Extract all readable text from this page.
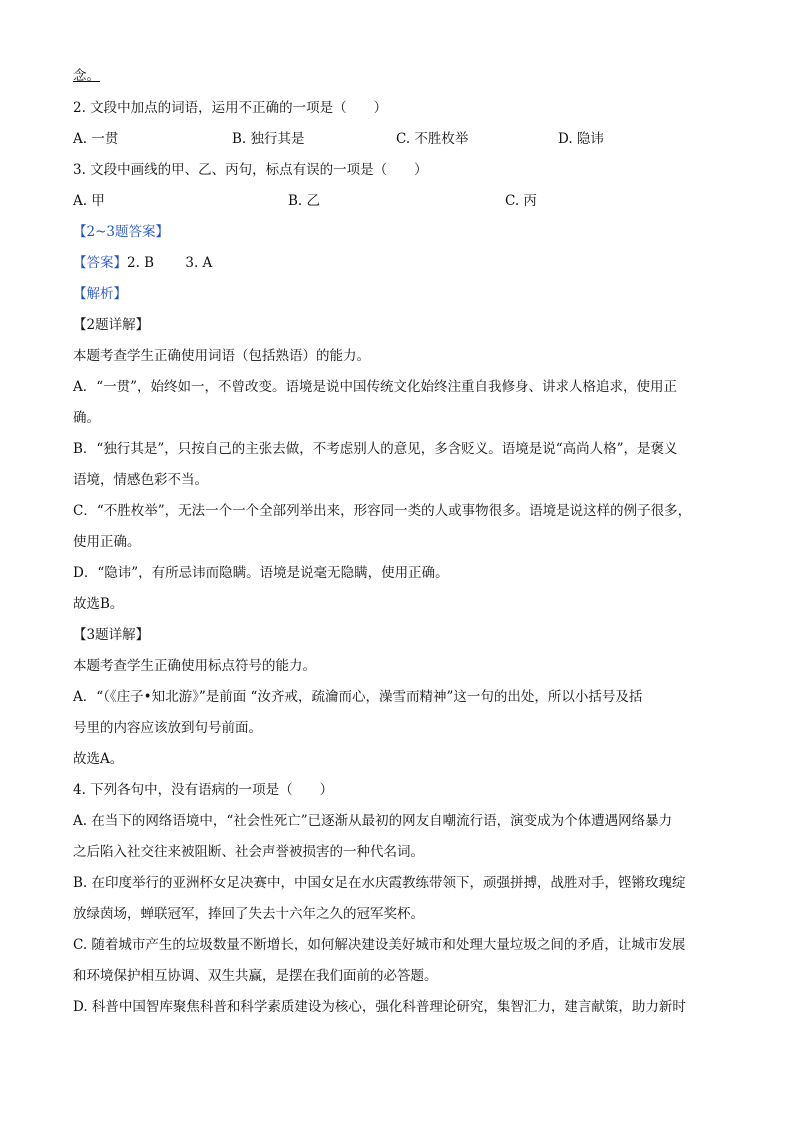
念。
2. 文段中加点的词语，运用不正确的一项是（　　）
A. 一贯	B. 独行其是	C. 不胜枚举	D. 隐讳
3. 文段中画线的甲、乙、丙句，标点有误的一项是（　　）
A. 甲	B. 乙	C. 丙
【2~3题答案】
【答案】2. B　　 3. A
【解析】
【2题详解】
本题考查学生正确使用词语（包括熟语）的能力。
A．“一贯”，始终如一，不曾改变。语境是说中国传统文化始终注重自我修身、讲求人格追求，使用正
确。
B．“独行其是”，只按自己的主张去做，不考虑别人的意见，多含贬义。语境是说“高尚人格”，是褒义
语境，情感色彩不当。
C．“不胜枚举”，无法一个一个全部列举出来，形容同一类的人或事物很多。语境是说这样的例子很多，
使用正确。
D．“隐讳”，有所忌讳而隐瞒。语境是说毫无隐瞒，使用正确。
故选B。
【3题详解】
本题考查学生正确使用标点符号的能力。
A．“（《庄子•知北游》”是前面 “汝齐戒，疏瀹而心，澡雪而精神”这一句的出处，所以小括号及括
号里的内容应该放到句号前面。
故选A。
4. 下列各句中，没有语病的一项是（　　）
A. 在当下的网络语境中，“社会性死亡”已逐渐从最初的网友自嘲流行语，演变成为个体遭遇网络暴力
之后陷入社交往来被阻断、社会声誉被损害的一种代名词。
B. 在印度举行的亚洲杯女足决赛中，中国女足在水庆霞教练带领下，顽强拼搏，战胜对手，铿锵玫瑰绽
放绿茵场，蝉联冠军，捧回了失去十六年之久的冠军奖杯。
C. 随着城市产生的垃圾数量不断增长，如何解决建设美好城市和处理大量垃圾之间的矛盾，让城市发展
和环境保护相互协调、双生共赢，是摆在我们面前的必答题。
D. 科普中国智库聚焦科普和科学素质建设为核心，强化科普理论研究，集智汇力，建言献策，助力新时
